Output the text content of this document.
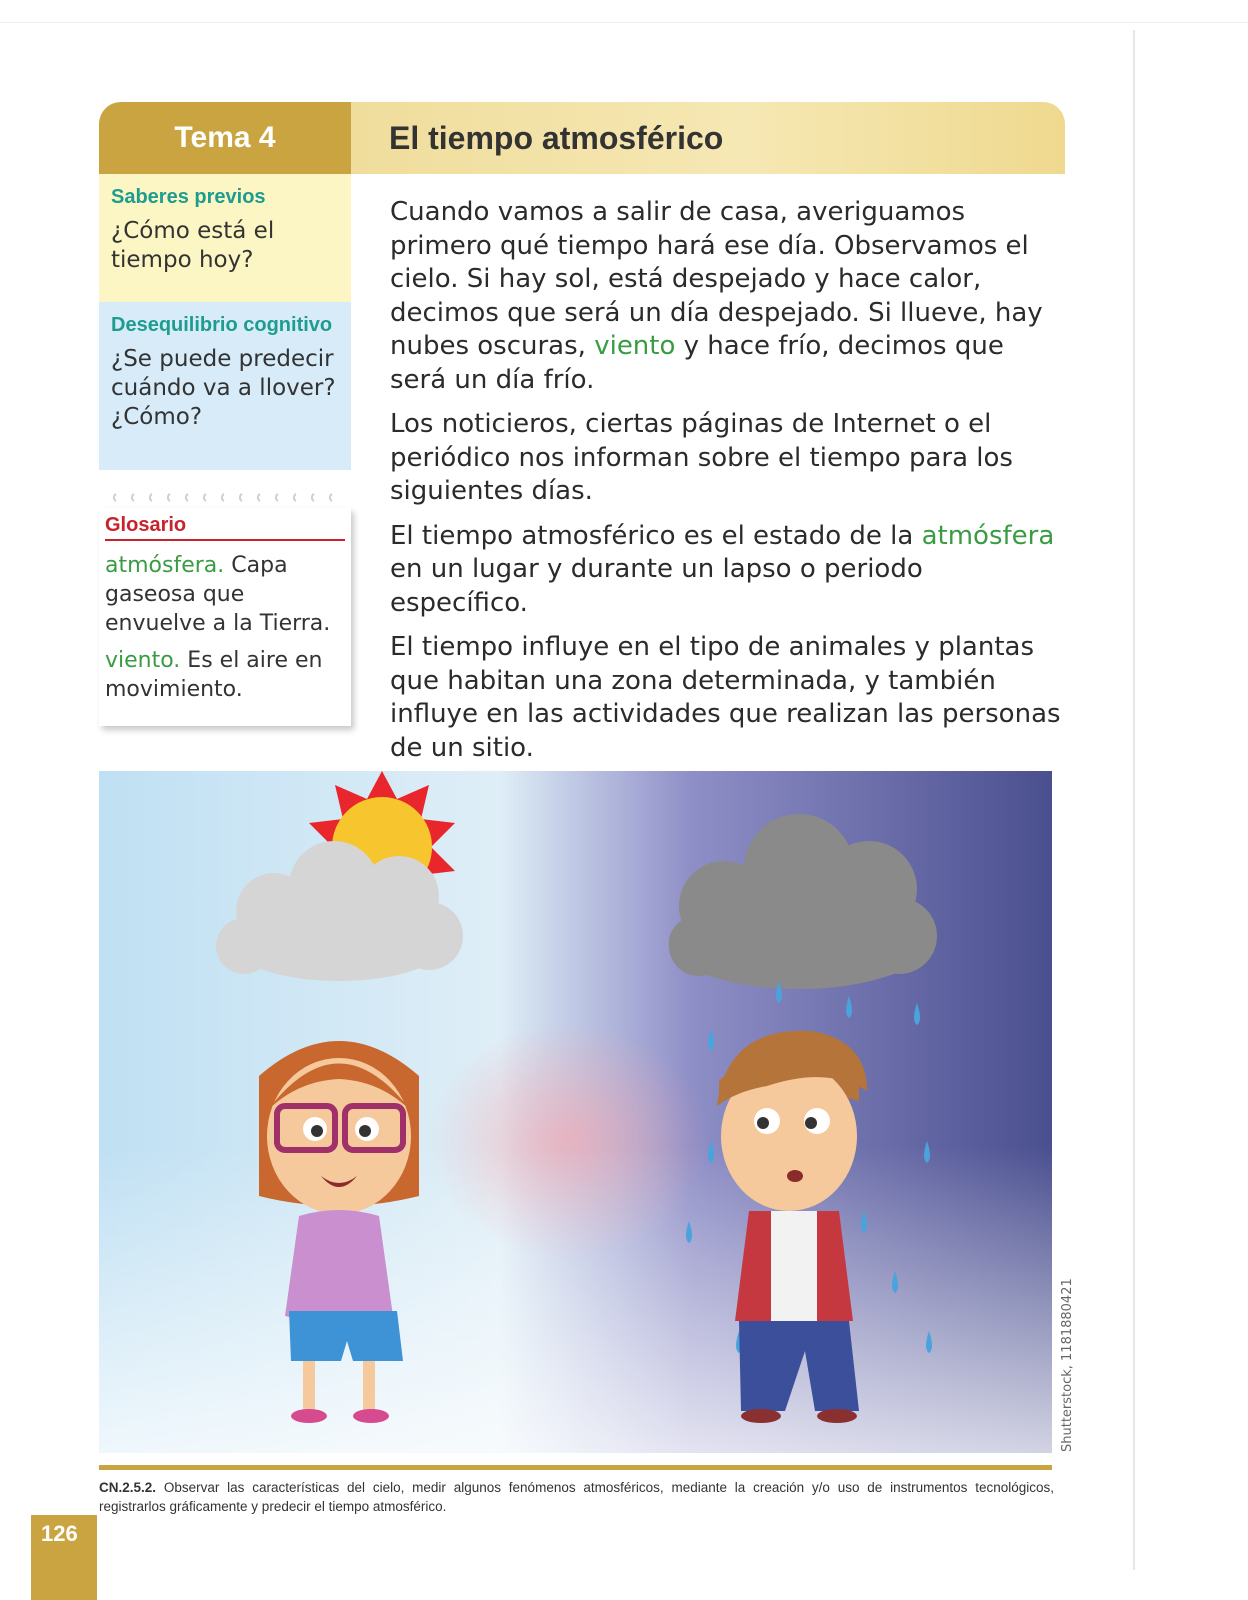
Tema 4	El tiempo atmosférico
Saberes previos
¿Cómo está el tiempo hoy?
Desequilibrio cognitivo
¿Se puede predecir cuándo va a llover? ¿Cómo?
Glosario
atmósfera. Capa gaseosa que envuelve a la Tierra.
viento. Es el aire en movimiento.

Cuando vamos a salir de casa, averiguamos primero qué tiempo hará ese día. Observamos el cielo. Si hay sol, está despejado y hace calor, decimos que será un día despejado. Si llueve, hay nubes oscuras, viento y hace frío, decimos que será un día frío.

Los noticieros, ciertas páginas de Internet o el periódico nos informan sobre el tiempo para los siguientes días.

El tiempo atmosférico es el estado de la atmósfera en un lugar y durante un lapso o periodo específico.

El tiempo influye en el tipo de animales y plantas que habitan una zona determinada, y también influye en las actividades que realizan las personas de un sitio.

Shutterstock, 1181880421
CN.2.5.2. Observar las características del cielo, medir algunos fenómenos atmosféricos, mediante la creación y/o uso de instrumentos tecnológicos, registrarlos gráficamente y predecir el tiempo atmosférico.
126
